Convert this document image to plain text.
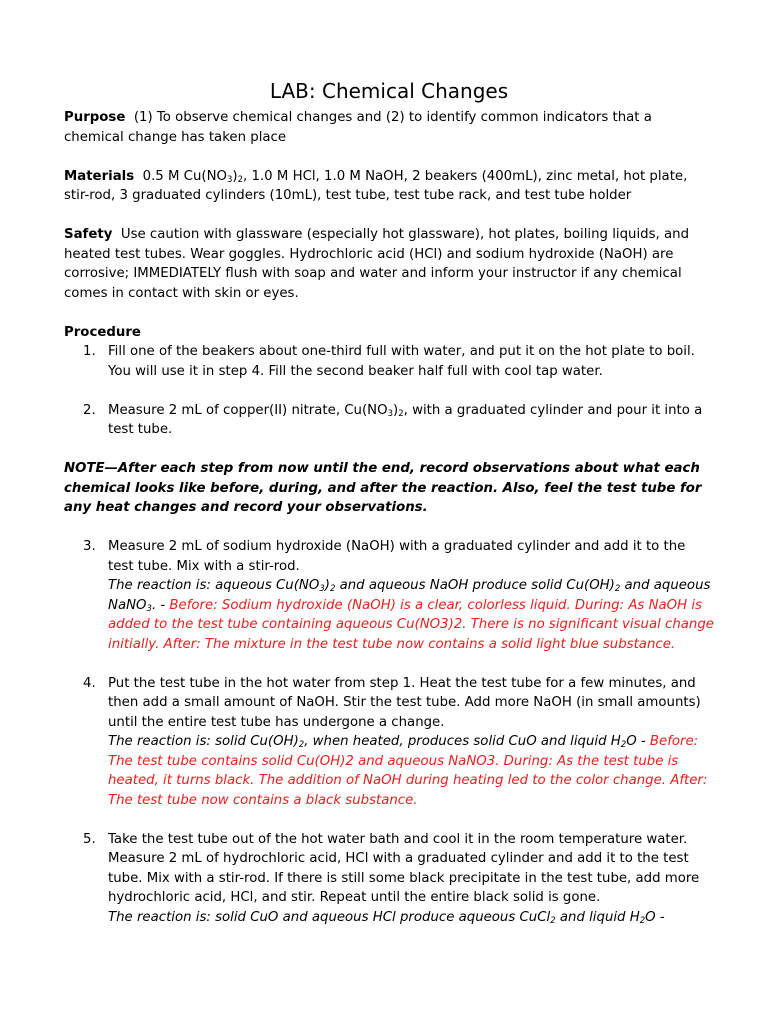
LAB: Chemical Changes

Purpose (1) To observe chemical changes and (2) to identify common indicators that a chemical change has taken place

Materials 0.5 M $Cu(NO_3)_2$, 1.0 M HCl, 1.0 M NaOH, 2 beakers (400mL), zinc metal, hot plate, stir-rod, 3 graduated cylinders (10mL), test tube, test tube rack, and test tube holder

Safety Use caution with glassware (especially hot glassware), hot plates, boiling liquids, and heated test tubes. Wear goggles. Hydrochloric acid (HCl) and sodium hydroxide (NaOH) are corrosive; IMMEDIATELY flush with soap and water and inform your instructor if any chemical comes in contact with skin or eyes.

Procedure

1. Fill one of the beakers about one-third full with water, and put it on the hot plate to boil. You will use it in step 4. Fill the second beaker half full with cool tap water.
2. Measure 2 mL of copper(II) nitrate, $Cu(NO_3)_2$, with a graduated cylinder and pour it into a test tube.

NOTE—After each step from now until the end, record observations about what each chemical looks like before, during, and after the reaction. Also, feel the test tube for any heat changes and record your observations.

3. Measure 2 mL of sodium hydroxide (NaOH) with a graduated cylinder and add it to the test tube. Mix with a stir-rod.
The reaction is: aqueous $Cu(NO_3)_2$ and aqueous NaOH produce solid $Cu(OH)_2$ and aqueous NaNO$_3$. - Before: Sodium hydroxide (NaOH) is a clear, colorless liquid. During: As NaOH is added to the test tube containing aqueous Cu(NO3)2. There is no significant visual change initially. After: The mixture in the test tube now contains a solid light blue substance.
4. Put the test tube in the hot water from step 1. Heat the test tube for a few minutes, and then add a small amount of NaOH. Stir the test tube. Add more NaOH (in small amounts) until the entire test tube has undergone a change.
The reaction is: solid $Cu(OH)_2$, when heated, produces solid CuO and liquid $H_2O$ - Before: The test tube contains solid Cu(OH)2 and aqueous NaNO3. During: As the test tube is heated, it turns black. The addition of NaOH during heating led to the color change. After: The test tube now contains a black substance.
5. Take the test tube out of the hot water bath and cool it in the room temperature water. Measure 2 mL of hydrochloric acid, HCl with a graduated cylinder and add it to the test tube. Mix with a stir-rod. If there is still some black precipitate in the test tube, add more hydrochloric acid, HCl, and stir. Repeat until the entire black solid is gone.
The reaction is: solid CuO and aqueous HCl produce aqueous CuCl$_2$ and liquid $H_2O$ -
